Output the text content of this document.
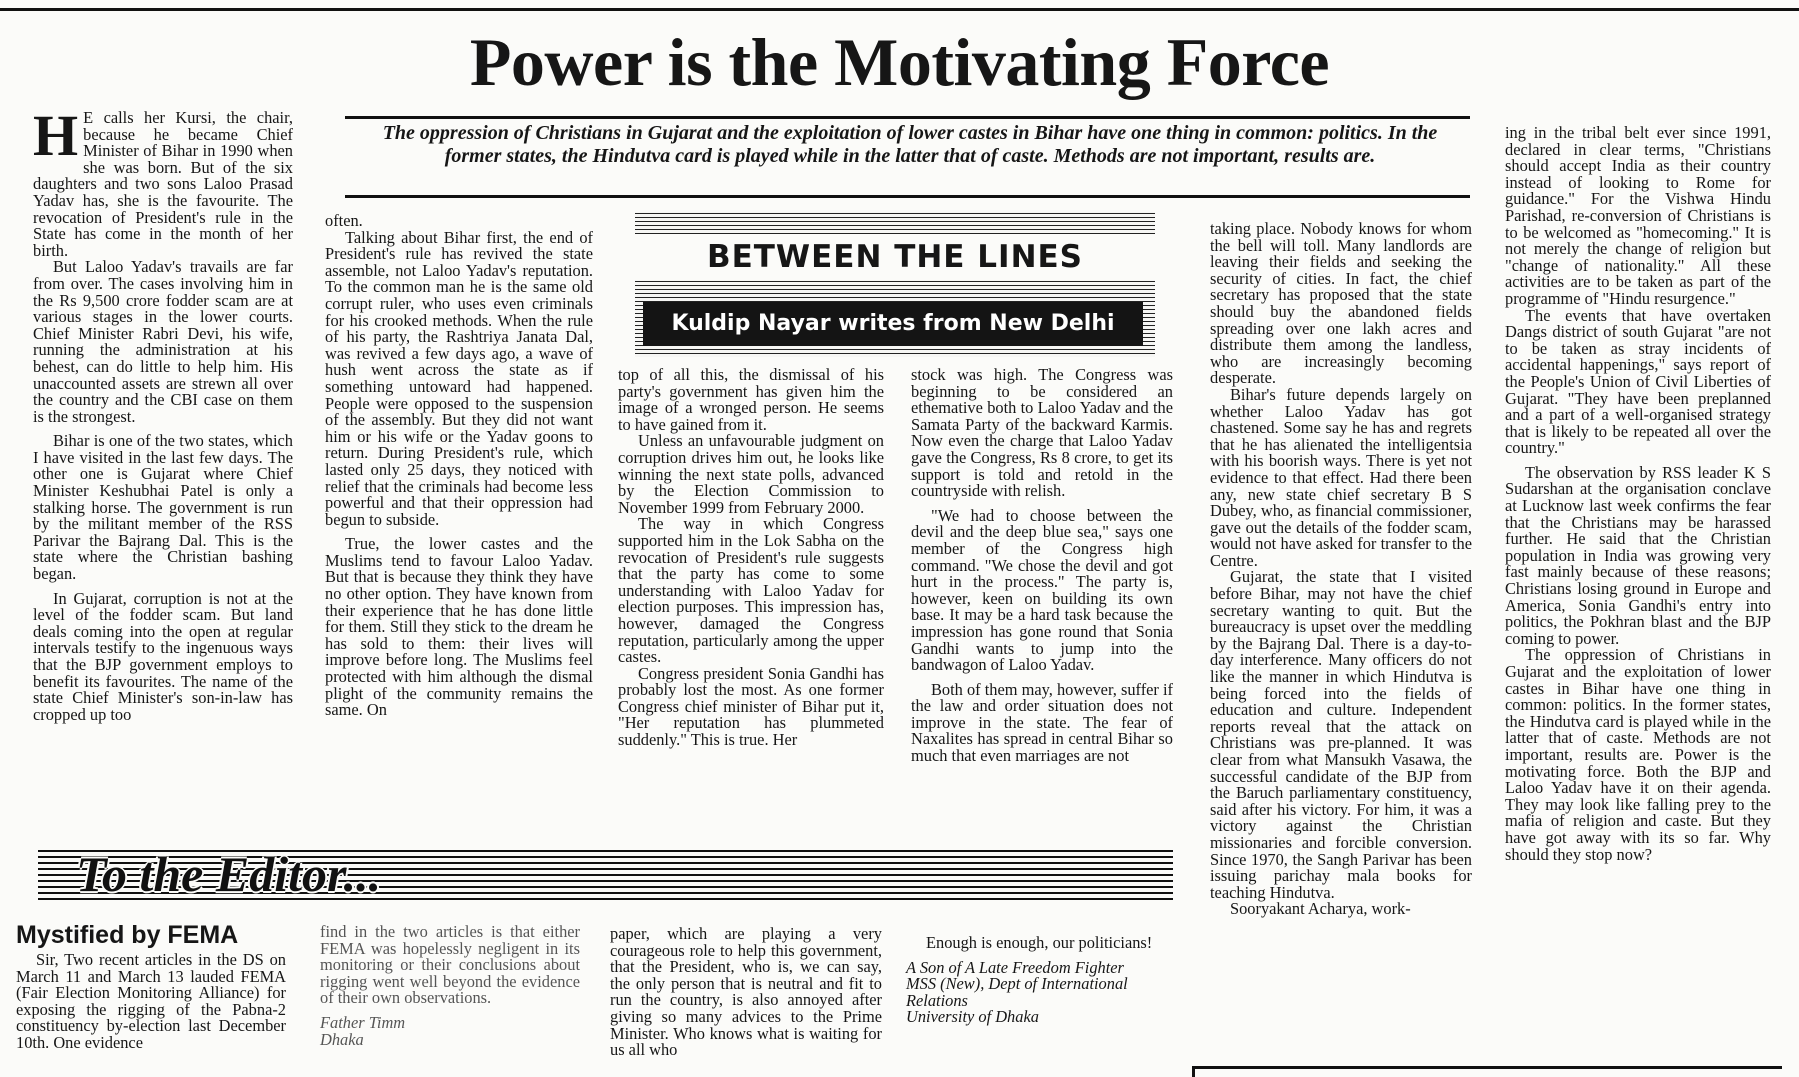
Power is the Motivating Force
The oppression of Christians in Gujarat and the exploitation of lower castes in Bihar have one thing in common: politics. In the former states, the Hindutva card is played while in the latter that of caste. Methods are not important, results are.

H E calls her Kursi, the chair, because he became Chief Minister of Bihar in 1990 when she was born. But of the six daughters and two sons Laloo Prasad Yadav has, she is the favourite. The revocation of President's rule in the State has come in the month of her birth.

But Laloo Yadav's travails are far from over. The cases involving him in the Rs 9,500 crore fodder scam are at various stages in the lower courts. Chief Minister Rabri Devi, his wife, running the administration at his behest, can do little to help him. His unaccounted assets are strewn all over the country and the CBI case on them is the strongest.

Bihar is one of the two states, which I have visited in the last few days. The other one is Gujarat where Chief Minister Keshubhai Patel is only a stalking horse. The government is run by the militant member of the RSS Parivar the Bajrang Dal. This is the state where the Christian bashing began.

In Gujarat, corruption is not at the level of the fodder scam. But land deals coming into the open at regular intervals testify to the ingenuous ways that the BJP government employs to benefit its favourites. The name of the state Chief Minister's son-in-law has cropped up too

often.

Talking about Bihar first, the end of President's rule has revived the state assemble, not Laloo Yadav's reputation. To the common man he is the same old corrupt ruler, who uses even criminals for his crooked methods. When the rule of his party, the Rashtriya Janata Dal, was revived a few days ago, a wave of hush went across the state as if something untoward had happened. People were opposed to the suspension of the assembly. But they did not want him or his wife or the Yadav goons to return. During President's rule, which lasted only 25 days, they noticed with relief that the criminals had become less powerful and that their oppression had begun to subside.

True, the lower castes and the Muslims tend to favour Laloo Yadav. But that is because they think they have no other option. They have known from their experience that he has done little for them. Still they stick to the dream he has sold to them: their lives will improve before long. The Muslims feel protected with him although the dismal plight of the community remains the same. On

BETWEEN THE LINES
Kuldip Nayar writes from New Delhi

top of all this, the dismissal of his party's government has given him the image of a wronged person. He seems to have gained from it.

Unless an unfavourable judgment on corruption drives him out, he looks like winning the next state polls, advanced by the Election Commission to November 1999 from February 2000.

The way in which Congress supported him in the Lok Sabha on the revocation of President's rule suggests that the party has come to some understanding with Laloo Yadav for election purposes. This impression has, however, damaged the Congress reputation, particularly among the upper castes.

Congress president Sonia Gandhi has probably lost the most. As one former Congress chief minister of Bihar put it, "Her reputation has plummeted suddenly." This is true. Her

stock was high. The Congress was beginning to be considered an ethemative both to Laloo Yadav and the Samata Party of the backward Karmis. Now even the charge that Laloo Yadav gave the Congress, Rs 8 crore, to get its support is told and retold in the countryside with relish.

"We had to choose between the devil and the deep blue sea," says one member of the Congress high command. "We chose the devil and got hurt in the process." The party is, however, keen on building its own base. It may be a hard task because the impression has gone round that Sonia Gandhi wants to jump into the bandwagon of Laloo Yadav.

Both of them may, however, suffer if the law and order situation does not improve in the state. The fear of Naxalites has spread in central Bihar so much that even marriages are not

taking place. Nobody knows for whom the bell will toll. Many landlords are leaving their fields and seeking the security of cities. In fact, the chief secretary has proposed that the state should buy the abandoned fields spreading over one lakh acres and distribute them among the landless, who are increasingly becoming desperate.

Bihar's future depends largely on whether Laloo Yadav has got chastened. Some say he has and regrets that he has alienated the intelligentsia with his boorish ways. There is yet not evidence to that effect. Had there been any, new state chief secretary B S Dubey, who, as financial commissioner, gave out the details of the fodder scam, would not have asked for transfer to the Centre.

Gujarat, the state that I visited before Bihar, may not have the chief secretary wanting to quit. But the bureaucracy is upset over the meddling by the Bajrang Dal. There is a day-to-day interference. Many officers do not like the manner in which Hindutva is being forced into the fields of education and culture. Independent reports reveal that the attack on Christians was pre-planned. It was clear from what Mansukh Vasawa, the successful candidate of the BJP from the Baruch parliamentary constituency, said after his victory. For him, it was a victory against the Christian missionaries and forcible conversion. Since 1970, the Sangh Parivar has been issuing parichay mala books for teaching Hindutva.

Sooryakant Acharya, work-

ing in the tribal belt ever since 1991, declared in clear terms, "Christians should accept India as their country instead of looking to Rome for guidance." For the Vishwa Hindu Parishad, re-conversion of Christians is to be welcomed as "homecoming." It is not merely the change of religion but "change of nationality." All these activities are to be taken as part of the programme of "Hindu resurgence."

The events that have overtaken Dangs district of south Gujarat "are not to be taken as stray incidents of accidental happenings," says report of the People's Union of Civil Liberties of Gujarat. "They have been preplanned and a part of a well-organised strategy that is likely to be repeated all over the country."

The observation by RSS leader K S Sudarshan at the organisation conclave at Lucknow last week confirms the fear that the Christians may be harassed further. He said that the Christian population in India was growing very fast mainly because of these reasons; Christians losing ground in Europe and America, Sonia Gandhi's entry into politics, the Pokhran blast and the BJP coming to power.

The oppression of Christians in Gujarat and the exploitation of lower castes in Bihar have one thing in common: politics. In the former states, the Hindutva card is played while in the latter that of caste. Methods are not important, results are. Power is the motivating force. Both the BJP and Laloo Yadav have it on their agenda. They may look like falling prey to the mafia of religion and caste. But they have got away with its so far. Why should they stop now?

To the Editor...
Mystified by FEMA

Sir, Two recent articles in the DS on March 11 and March 13 lauded FEMA (Fair Election Monitoring Alliance) for exposing the rigging of the Pabna-2 constituency by-election last December 10th. One evidence

find in the two articles is that either FEMA was hopelessly negligent in its monitoring or their conclusions about rigging went well beyond the evidence of their own observations.

Father Timm

Dhaka

paper, which are playing a very courageous role to help this government, that the President, who is, we can say, the only person that is neutral and fit to run the country, is also annoyed after giving so many advices to the Prime Minister. Who knows what is waiting for us all who

Enough is enough, our politicians!

A Son of A Late Freedom Fighter

MSS (New), Dept of International Relations

University of Dhaka
